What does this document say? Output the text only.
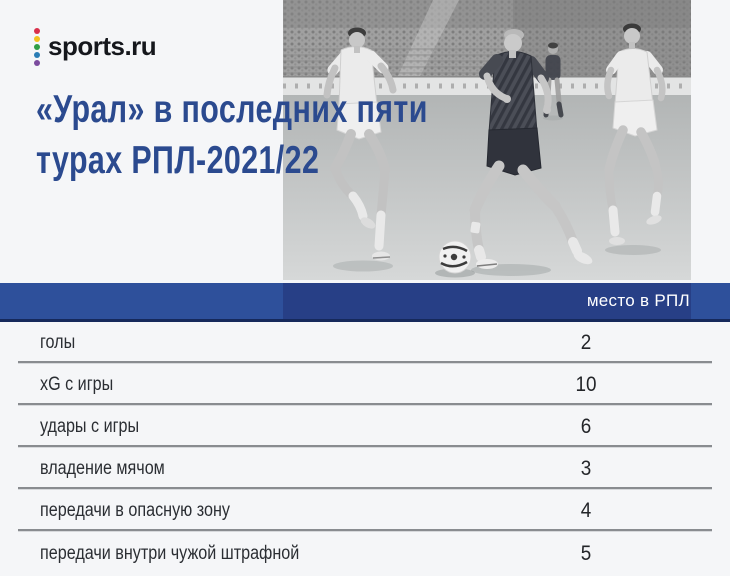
sports.ru
«Урал» в последних пяти
турах РПЛ-2021/22
место в РПЛ
голы	2
xG с игры	10
удары с игры	6
владение мячом	3
передачи в опасную зону	4
передачи внутри чужой штрафной	5
